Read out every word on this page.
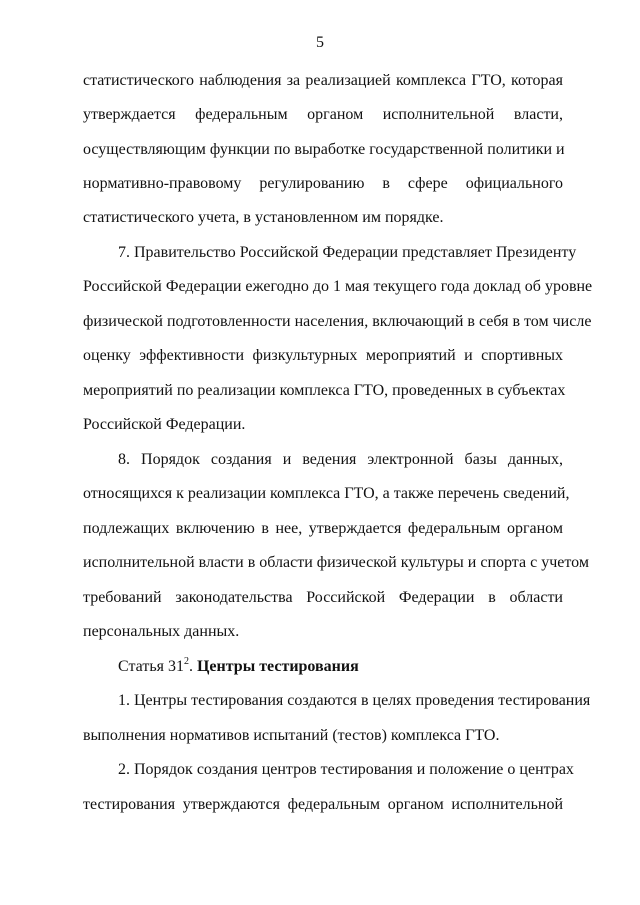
5
статистического наблюдения за реализацией комплекса ГТО, которая
утверждается федеральным органом исполнительной власти,
осуществляющим функции по выработке государственной политики и
нормативно-правовому регулированию в сфере официального
статистического учета, в установленном им порядке.
7. Правительство Российской Федерации представляет Президенту
Российской Федерации ежегодно до 1 мая текущего года доклад об уровне
физической подготовленности населения, включающий в себя в том числе
оценку эффективности физкультурных мероприятий и спортивных
мероприятий по реализации комплекса ГТО, проведенных в субъектах
Российской Федерации.
8. Порядок создания и ведения электронной базы данных,
относящихся к реализации комплекса ГТО, а также перечень сведений,
подлежащих включению в нее, утверждается федеральным органом
исполнительной власти в области физической культуры и спорта с учетом
требований законодательства Российской Федерации в области
персональных данных.
Статья $31^2$. Центры тестирования
1. Центры тестирования создаются в целях проведения тестирования
выполнения нормативов испытаний (тестов) комплекса ГТО.
2. Порядок создания центров тестирования и положение о центрах
тестирования утверждаются федеральным органом исполнительной
